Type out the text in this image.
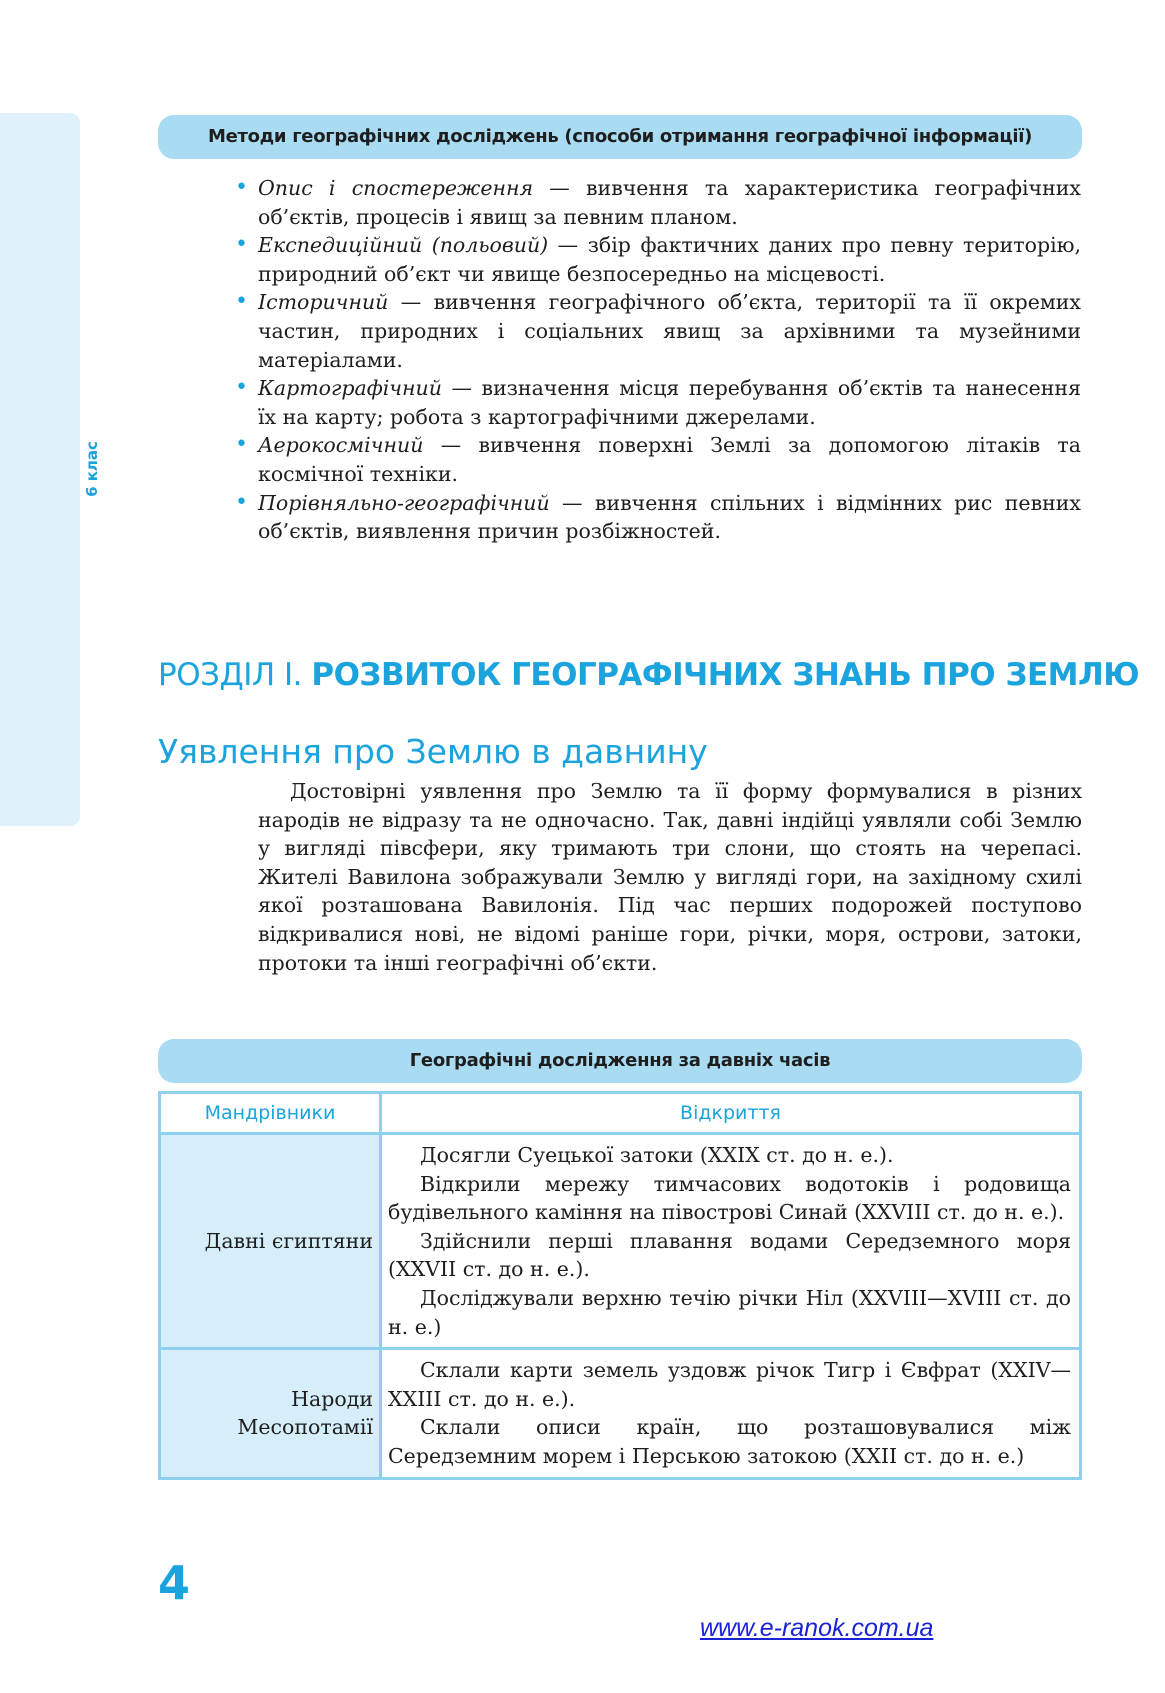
6 клас
Методи географічних досліджень (способи отримання географічної інформації)
• Опис і спостереження — вивчення та характеристика географічних об’єктів, процесів і явищ за певним планом.
• Експедиційний (польовий) — збір фактичних даних про певну територію, природний об’єкт чи явище безпосередньо на місцевості.
• Історичний — вивчення географічного об’єкта, території та її окремих частин, природних і соціальних явищ за архівними та музейними матеріалами.
• Картографічний — визначення місця перебування об’єктів та нанесення їх на карту; робота з картографічними джерелами.
• Аерокосмічний — вивчення поверхні Землі за допомогою літаків та космічної техніки.
• Порівняльно-географічний — вивчення спільних і відмінних рис певних об’єктів, виявлення причин розбіжностей.
РОЗДІЛ I. РОЗВИТОК ГЕОГРАФІЧНИХ ЗНАНЬ ПРО ЗЕМЛЮ
Уявлення про Землю в давнину

Достовірні уявлення про Землю та її форму формувалися в різних народів не відразу та не одночасно. Так, давні індійці уявляли собі Землю у вигляді півсфери, яку тримають три слони, що стоять на черепасі. Жителі Вавилона зображували Землю у вигляді гори, на західному схилі якої розташована Вавилонія. Під час перших подорожей поступово відкривалися нові, не відомі раніше гори, річки, моря, острови, затоки, протоки та інші географічні об’єкти.

Географічні дослідження за давніх часів
Мандрівники	Відкриття
Давні єгиптяни	Досягли Суецької затоки (XXIX ст. до н. е.).

Відкрили мережу тимчасових водотоків і родовища будівельного каміння на півострові Синай (XXVIII ст. до н. е.).

Здійснили перші плавання водами Середземного моря (XXVII ст. до н. е.).

Досліджували верхню течію річки Ніл (XXVIII—XVIII ст. до н. е.)

Народи Месопотамії	Склали карти земель уздовж річок Тигр і Євфрат (XXIV—XXIII ст. до н. е.).

Склали описи країн, що розташовувалися між Середземним морем і Перською затокою (XXII ст. до н. е.)

4
www.e-ranok.com.ua
